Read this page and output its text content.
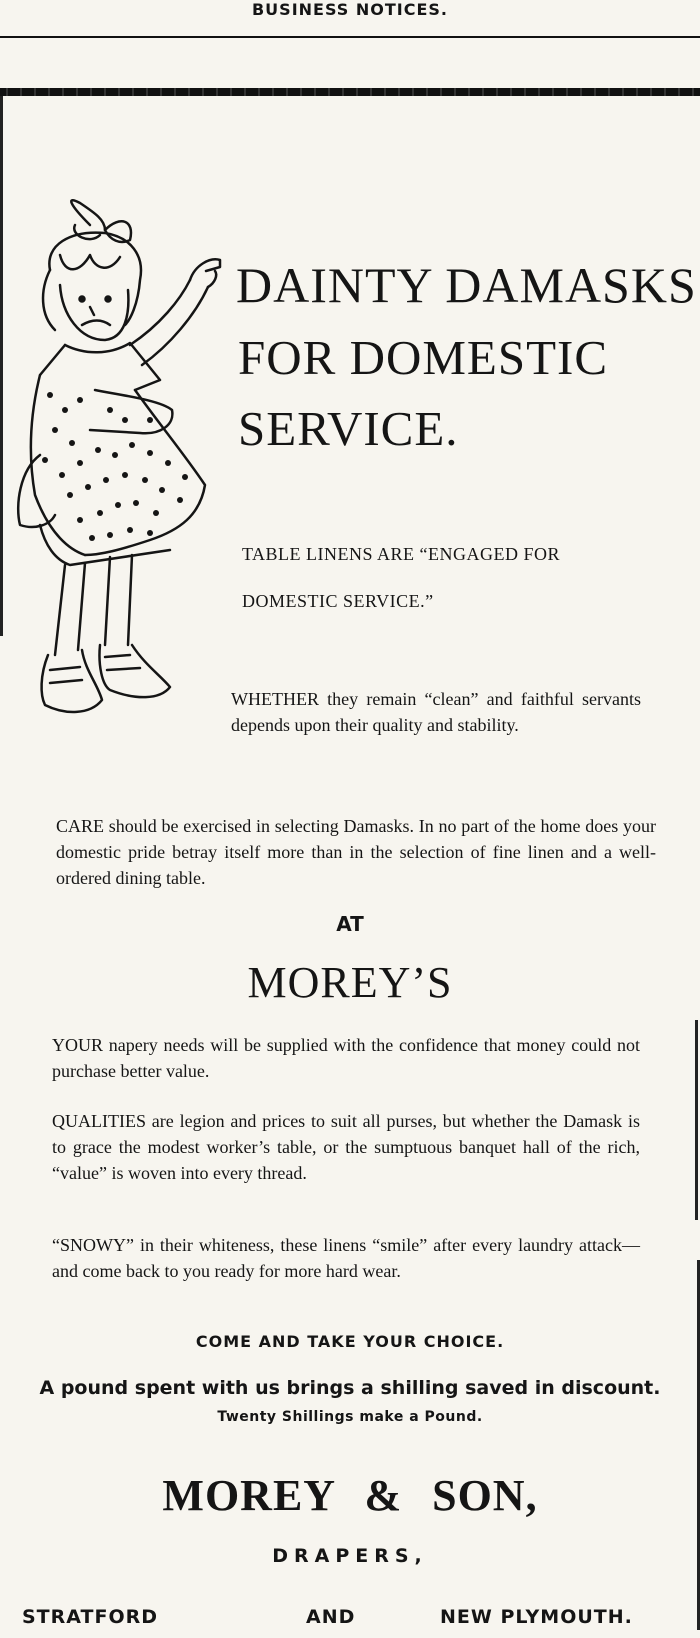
BUSINESS NOTICES.
DAINTY DAMASKS
FOR DOMESTIC
SERVICE.
TABLE LINENS ARE “ENGAGED FOR
DOMESTIC SERVICE.”
WHETHER they remain “clean” and faithful servants depends upon their quality and stability.
CARE should be exercised in selecting Damasks. In no part of the home does your domestic pride betray itself more than in the selection of fine linen and a well-ordered dining table.
AT
MOREY’S
YOUR napery needs will be supplied with the confidence that money could not purchase better value.
QUALITIES are legion and prices to suit all purses, but whether the Damask is to grace the modest worker’s table, or the sumptuous banquet hall of the rich, “value” is woven into every thread.
“SNOWY” in their whiteness, these linens “smile” after every laundry attack—and come back to you ready for more hard wear.
COME AND TAKE YOUR CHOICE.
A pound spent with us brings a shilling saved in discount.
Twenty Shillings make a Pound.
MOREY & SON,
DRAPERS,
STRATFORD	AND	NEW PLYMOUTH.
